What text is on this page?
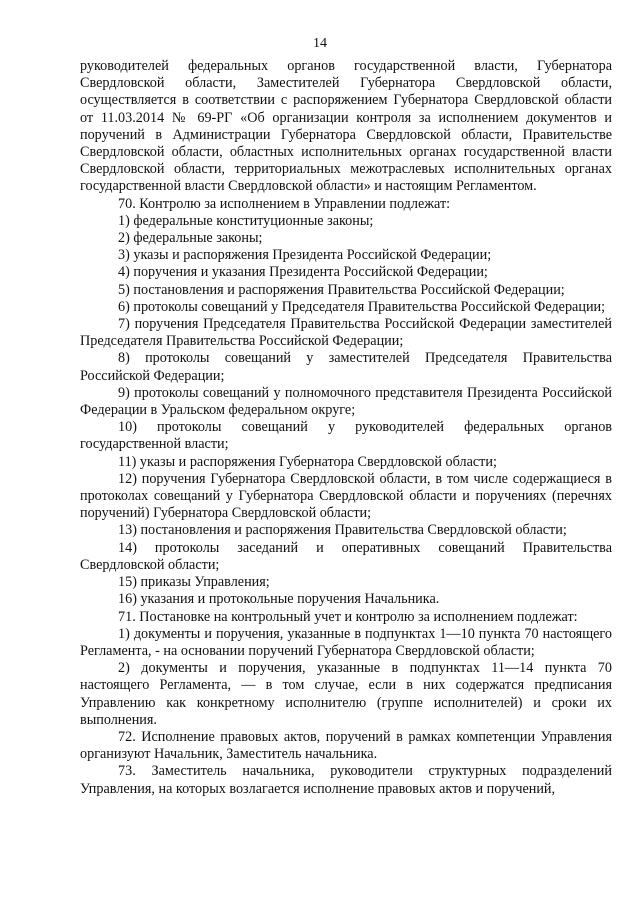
14

руководителей федеральных органов государственной власти, Губернатора Свердловской области, Заместителей Губернатора Свердловской области, осуществляется в соответствии с распоряжением Губернатора Свердловской области от 11.03.2014 № 69-РГ «Об организации контроля за исполнением документов и поручений в Администрации Губернатора Свердловской области, Правительстве Свердловской области, областных исполнительных органах государственной власти Свердловской области, территориальных межотраслевых исполнительных органах государственной власти Свердловской области» и настоящим Регламентом.

70. Контролю за исполнением в Управлении подлежат:

1) федеральные конституционные законы;

2) федеральные законы;

3) указы и распоряжения Президента Российской Федерации;

4) поручения и указания Президента Российской Федерации;

5) постановления и распоряжения Правительства Российской Федерации;

6) протоколы совещаний у Председателя Правительства Российской Федерации;

7) поручения Председателя Правительства Российской Федерации заместителей Председателя Правительства Российской Федерации;

8) протоколы совещаний у заместителей Председателя Правительства Российской Федерации;

9) протоколы совещаний у полномочного представителя Президента Российской Федерации в Уральском федеральном округе;

10) протоколы совещаний у руководителей федеральных органов государственной власти;

11) указы и распоряжения Губернатора Свердловской области;

12) поручения Губернатора Свердловской области, в том числе содержащиеся в протоколах совещаний у Губернатора Свердловской области и поручениях (перечнях поручений) Губернатора Свердловской области;

13) постановления и распоряжения Правительства Свердловской области;

14) протоколы заседаний и оперативных совещаний Правительства Свердловской области;

15) приказы Управления;

16) указания и протокольные поручения Начальника.

71. Постановке на контрольный учет и контролю за исполнением подлежат:

1) документы и поручения, указанные в подпунктах 1—10 пункта 70 настоящего Регламента, - на основании поручений Губернатора Свердловской области;

2) документы и поручения, указанные в подпунктах 11—14 пункта 70 настоящего Регламента, — в том случае, если в них содержатся предписания Управлению как конкретному исполнителю (группе исполнителей) и сроки их выполнения.

72. Исполнение правовых актов, поручений в рамках компетенции Управления организуют Начальник, Заместитель начальника.

73. Заместитель начальника, руководители структурных подразделений Управления, на которых возлагается исполнение правовых актов и поручений,
